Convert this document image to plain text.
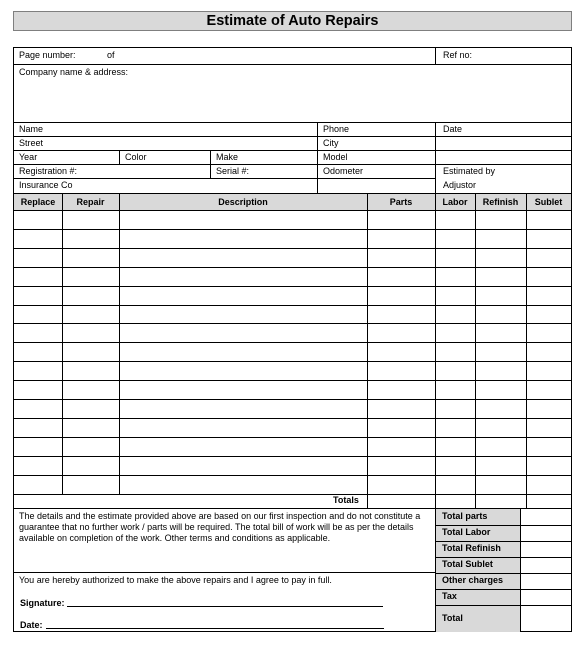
Estimate of Auto Repairs
Page number:	of	Ref no:
Company name & address:
Name	Phone	Date
Street	City
Year	Color	Make	Model
Registration #:	Serial #:	Odometer	Estimated by
Insurance Co	Adjustor
Replace	Repair	Description	Parts	Labor	Refinish	Sublet
Totals
The details and the estimate provided above are based on our first inspection and do not constitute a guarantee that no further work / parts will be required. The total bill of work will be as per the details available on completion of the work. Other terms and conditions as applicable.
You are hereby authorized to make the above repairs and I agree to pay in full.
Signature:
Date:
Total parts
Total Labor
Total Refinish
Total Sublet
Other charges
Tax
Total
